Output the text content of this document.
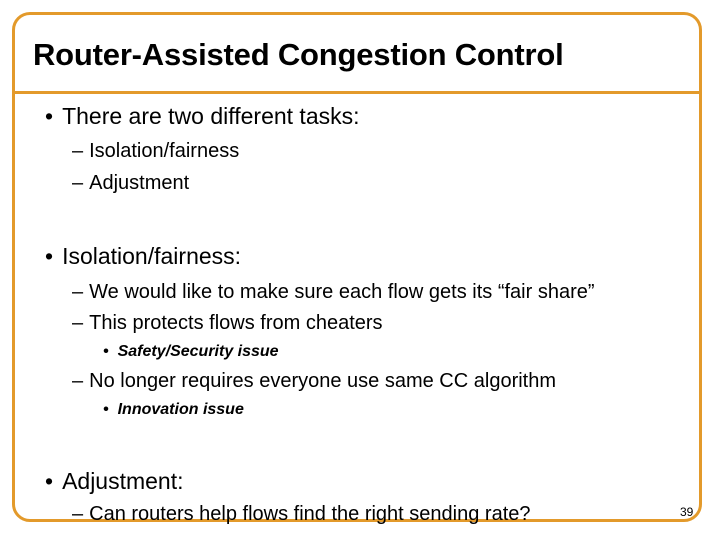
Router-Assisted Congestion Control
• There are two different tasks:
– Isolation/fairness
– Adjustment
• Isolation/fairness:
– We would like to make sure each flow gets its “fair share”
– This protects flows from cheaters
• Safety/Security issue
– No longer requires everyone use same CC algorithm
• Innovation issue
• Adjustment:
– Can routers help flows find the right sending rate?	39
